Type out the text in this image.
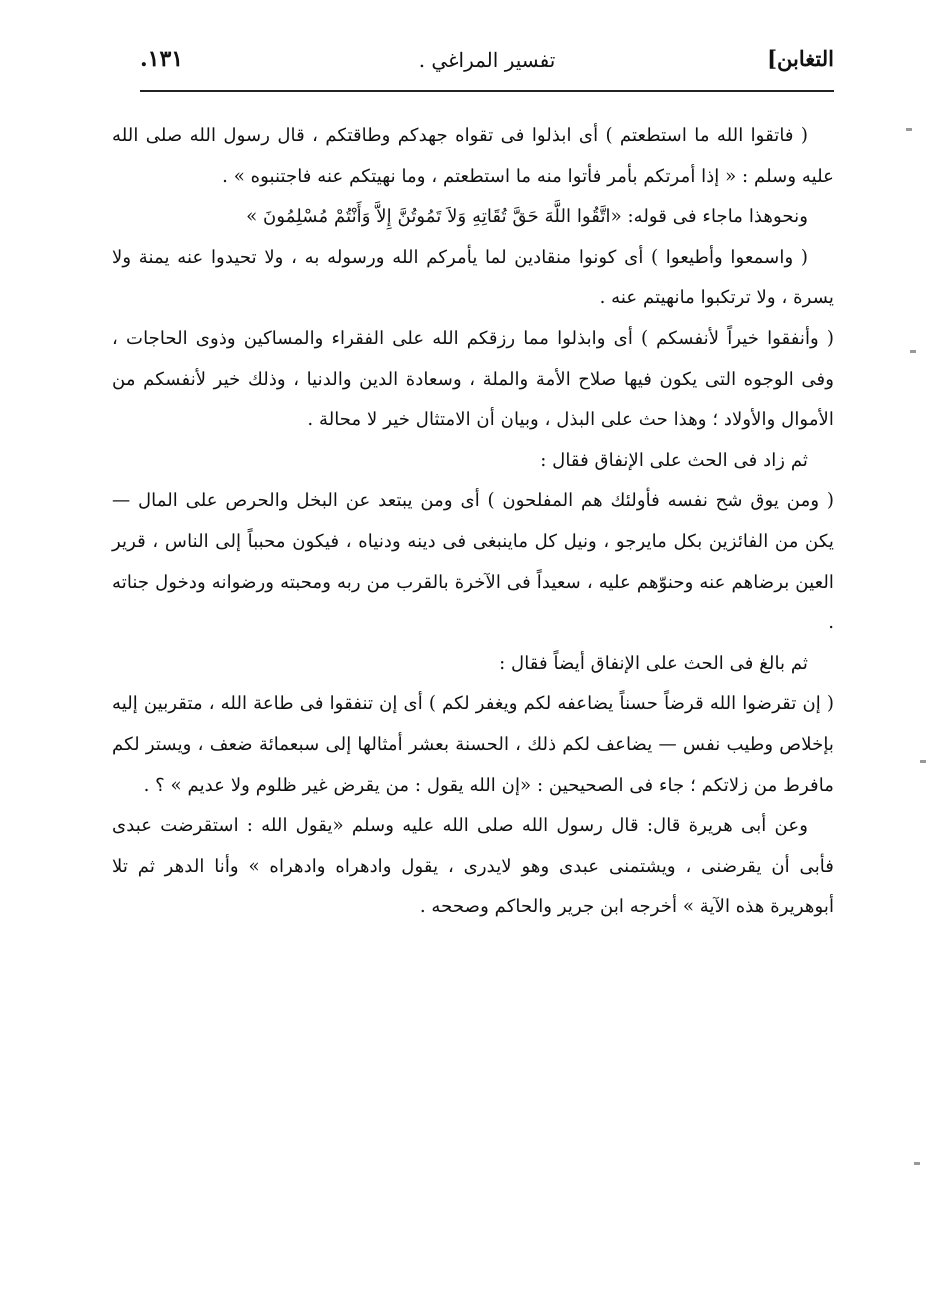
التغابن]
تفسير المراغي .
١٣١.

( فاتقوا الله ما استطعتم ) أى ابذلوا فى تقواه جهدكم وطاقتكم ، قال رسول الله صلى الله عليه وسلم : « إذا أمرتكم بأمر فأتوا منه ما استطعتم ، وما نهيتكم عنه فاجتنبوه » .

ونحوهذا ماجاء فى قوله: «اتَّقُوا اللَّهَ حَقَّ تُقَاتِهِ وَلاَ تَمُوتُنَّ إِلاَّ وَأَنْتُمْ مُسْلِمُونَ »

( واسمعوا وأطيعوا ) أى كونوا منقادين لما يأمركم الله ورسوله به ، ولا تحيدوا عنه يمنة ولا يسرة ، ولا ترتكبوا مانهيتم عنه .

( وأنفقوا خيراً لأنفسكم ) أى وابذلوا مما رزقكم الله على الفقراء والمساكين وذوى الحاجات ، وفى الوجوه التى يكون فيها صلاح الأمة والملة ، وسعادة الدين والدنيا ، وذلك خير لأنفسكم من الأموال والأولاد ؛ وهذا حث على البذل ، وبيان أن الامتثال خير لا محالة .

ثم زاد فى الحث على الإنفاق فقال :

( ومن يوق شح نفسه فأولئك هم المفلحون ) أى ومن يبتعد عن البخل والحرص على المال — يكن من الفائزين بكل مايرجو ، ونيل كل ماينبغى فى دينه ودنياه ، فيكون محبباً إلى الناس ، قرير العين برضاهم عنه وحنوّهم عليه ، سعيداً فى الآخرة بالقرب من ربه ومحبته ورضوانه ودخول جناته .

ثم بالغ فى الحث على الإنفاق أيضاً فقال :

( إن تقرضوا الله قرضاً حسناً يضاعفه لكم ويغفر لكم ) أى إن تنفقوا فى طاعة الله ، متقربين إليه بإخلاص وطيب نفس — يضاعف لكم ذلك ، الحسنة بعشر أمثالها إلى سبعمائة ضعف ، ويستر لكم مافرط من زلاتكم ؛ جاء فى الصحيحين : «إن الله يقول : من يقرض غير ظلوم ولا عديم » ؟ .

وعن أبى هريرة قال: قال رسول الله صلى الله عليه وسلم «يقول الله : استقرضت عبدى فأبى أن يقرضنى ، ويشتمنى عبدى وهو لايدرى ، يقول وادهراه وادهراه » وأنا الدهر ثم تلا أبوهريرة هذه الآية » أخرجه ابن جرير والحاكم وصححه .
